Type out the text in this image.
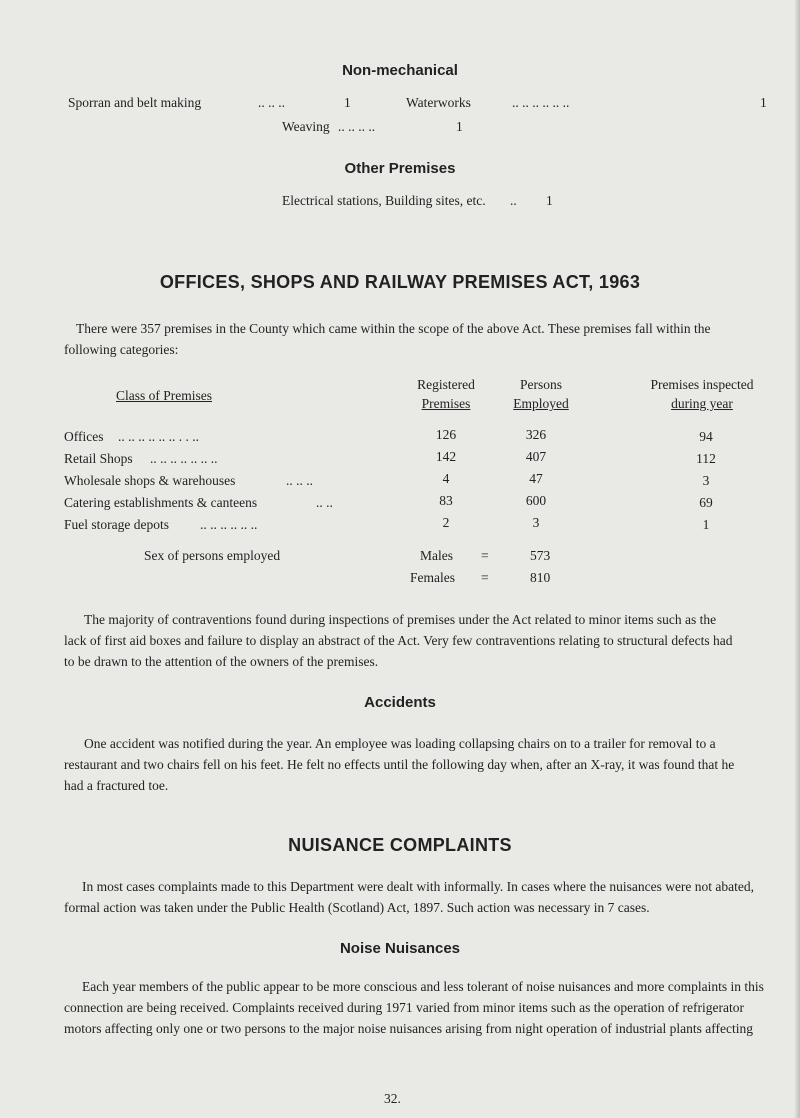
Non-mechanical
Sporran and belt making	.. .. ..	1	Waterworks	.. .. .. .. .. ..	1
Weaving .. .. .. ..	1
Other Premises
Electrical stations, Building sites, etc. .. 1
OFFICES, SHOPS AND RAILWAY PREMISES ACT, 1963
There were 357 premises in the County which came within the scope of the above Act. These premises fall within the
following categories:
Class of Premises
Registered
Premises
Persons
Employed
Premises inspected
during year
Offices .. .. .. .. .. .. . . ..	126	326	94
Retail Shops .. .. .. .. .. .. ..	142	407	112
Wholesale shops & warehouses	.. .. ..	4	47	3
Catering establishments & canteens	.. ..	83	600	69
Fuel storage depots .. .. .. .. .. ..	2	3	1
Sex of persons employed	Males =	573
Females =	810
The majority of contraventions found during inspections of premises under the Act related to minor items such as the
lack of first aid boxes and failure to display an abstract of the Act. Very few contraventions relating to structural defects had
to be drawn to the attention of the owners of the premises.
Accidents
One accident was notified during the year. An employee was loading collapsing chairs on to a trailer for removal to a
restaurant and two chairs fell on his feet. He felt no effects until the following day when, after an X-ray, it was found that he
had a fractured toe.
NUISANCE COMPLAINTS
In most cases complaints made to this Department were dealt with informally. In cases where the nuisances were not abated,
formal action was taken under the Public Health (Scotland) Act, 1897. Such action was necessary in 7 cases.
Noise Nuisances
Each year members of the public appear to be more conscious and less tolerant of noise nuisances and more complaints in this
connection are being received. Complaints received during 1971 varied from minor items such as the operation of refrigerator
motors affecting only one or two persons to the major noise nuisances arising from night operation of industrial plants affecting
32.
